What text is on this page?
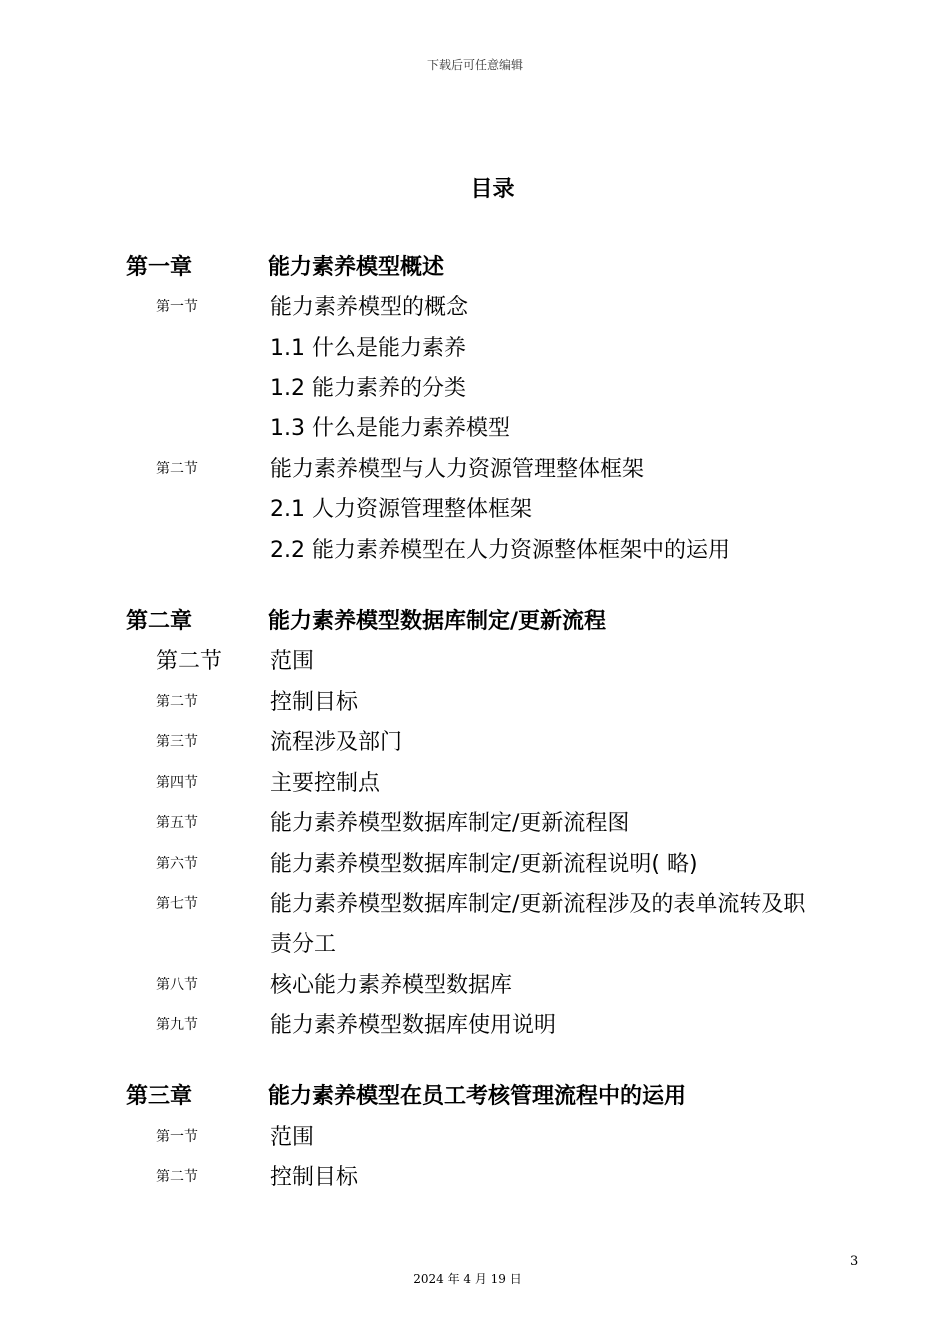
下载后可任意编辑
目录
第一章	能力素养模型概述
第一节	能力素养模型的概念
1.1 什么是能力素养
1.2 能力素养的分类
1.3 什么是能力素养模型
第二节	能力素养模型与人力资源管理整体框架
2.1 人力资源管理整体框架
2.2 能力素养模型在人力资源整体框架中的运用
第二章	能力素养模型数据库制定/更新流程
第二节 范围
第二节	控制目标
第三节	流程涉及部门
第四节	主要控制点
第五节	能力素养模型数据库制定/更新流程图
第六节	能力素养模型数据库制定/更新流程说明( 略)
第七节	能力素养模型数据库制定/更新流程涉及的表单流转及职
责分工
第八节	核心能力素养模型数据库
第九节	能力素养模型数据库使用说明
第三章	能力素养模型在员工考核管理流程中的运用
第一节	范围
第二节	控制目标
3
2024 年 4 月 19 日
